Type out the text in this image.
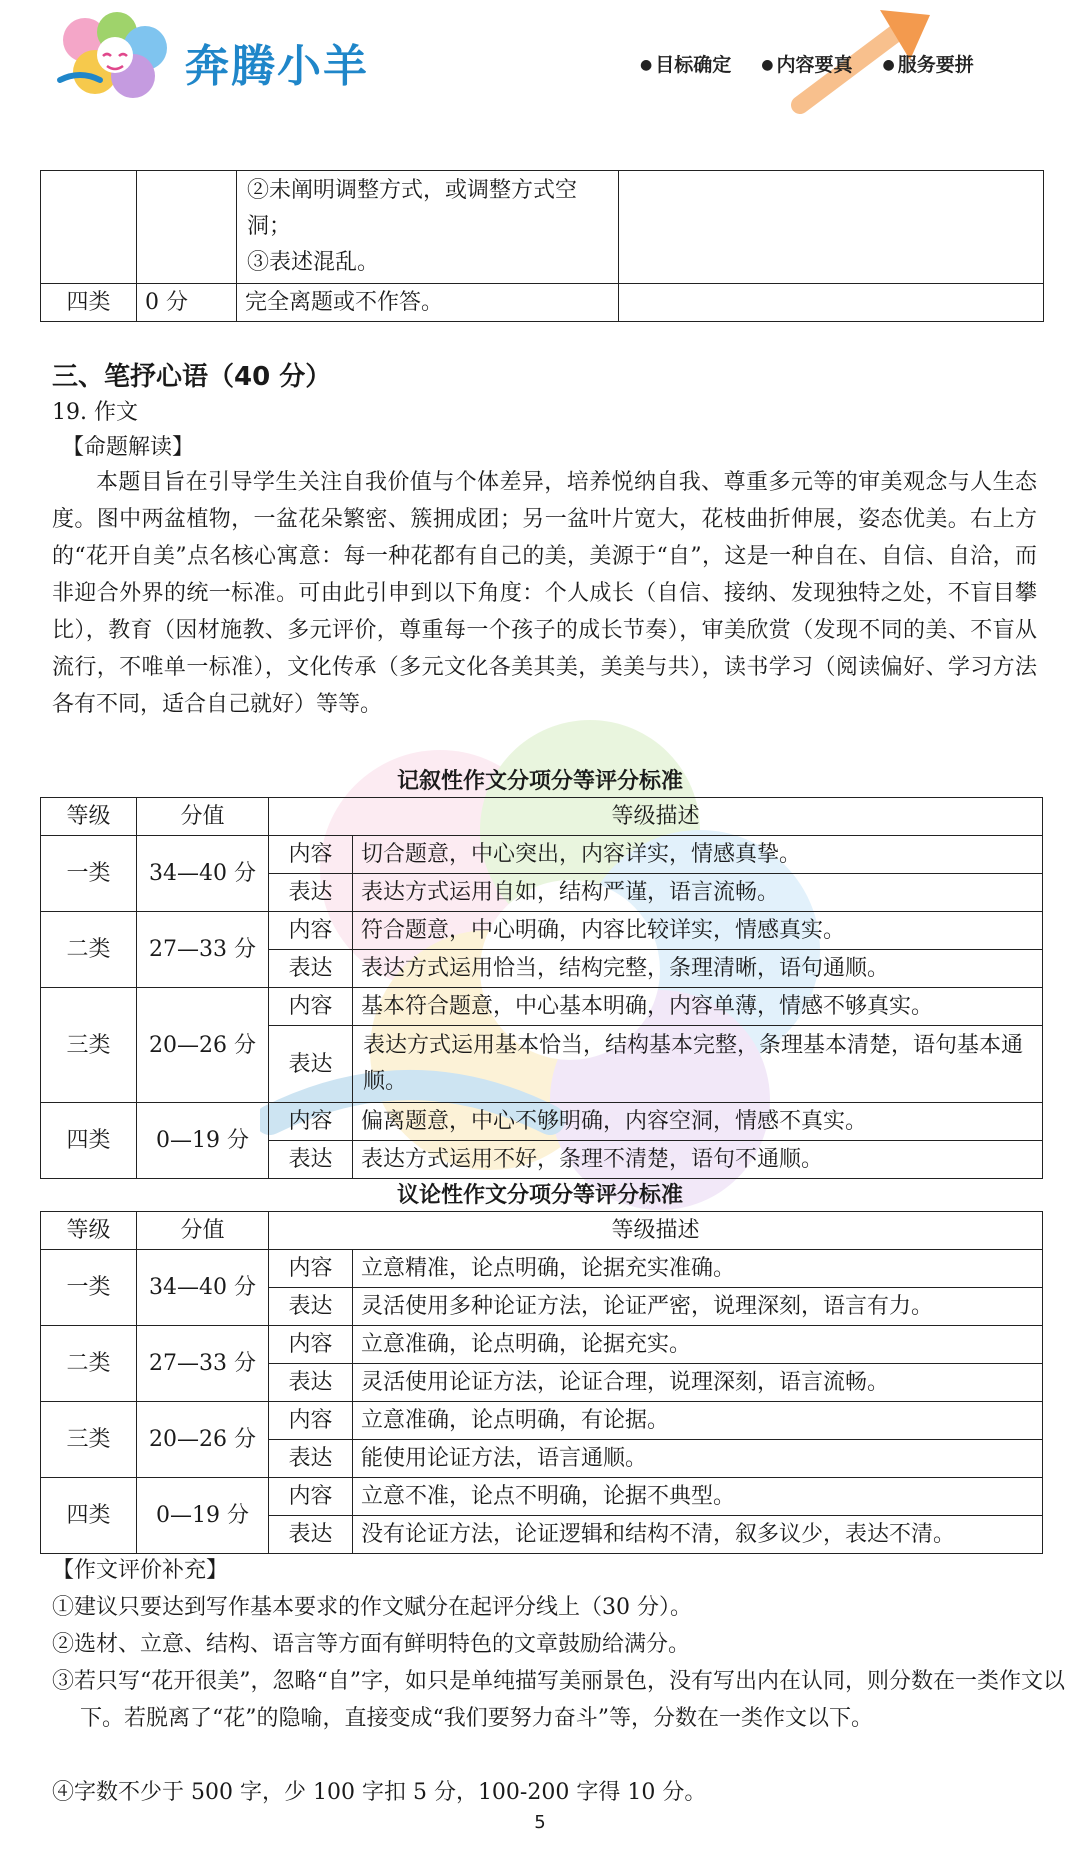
奔腾小羊	● 目标确定	● 内容要真	● 服务要拼

		②未阐明调整方式，或调整方式空洞；
③表述混乱。	

四类	0 分	完全离题或不作答。	
三、笔抒心语（40 分）
19. 作文
【命题解读】
本题目旨在引导学生关注自我价值与个体差异，培养悦纳自我、尊重多元等的审美观念与人生态度。图中两盆植物，一盆花朵繁密、簇拥成团；另一盆叶片宽大，花枝曲折伸展，姿态优美。右上方的“花开自美”点名核心寓意：每一种花都有自己的美，美源于“自”，这是一种自在、自信、自洽，而非迎合外界的统一标准。可由此引申到以下角度：个人成长（自信、接纳、发现独特之处，不盲目攀比），教育（因材施教、多元评价，尊重每一个孩子的成长节奏），审美欣赏（发现不同的美、不盲从流行，不唯单一标准），文化传承（多元文化各美其美，美美与共），读书学习（阅读偏好、学习方法各有不同，适合自己就好）等等。
记叙性作文分项分等评分标准
等级	分值	等级描述	
一类	34—40 分	内容	切合题意，中心突出，内容详实，情感真挚。
		表达	表达方式运用自如，结构严谨，语言流畅。
二类	27—33 分	内容	符合题意，中心明确，内容比较详实，情感真实。
		表达	表达方式运用恰当，结构完整，条理清晰，语句通顺。
三类	20—26 分	内容	基本符合题意，中心基本明确，内容单薄，情感不够真实。
		表达	表达方式运用基本恰当，结构基本完整，条理基本清楚，语句基本通顺。
四类	0—19 分	内容	偏离题意，中心不够明确，内容空洞，情感不真实。
		表达	表达方式运用不好，条理不清楚，语句不通顺。
议论性作文分项分等评分标准
等级	分值	等级描述	
一类	34—40 分	内容	立意精准，论点明确，论据充实准确。
		表达	灵活使用多种论证方法，论证严密，说理深刻，语言有力。
二类	27—33 分	内容	立意准确，论点明确，论据充实。
		表达	灵活使用论证方法，论证合理，说理深刻，语言流畅。
三类	20—26 分	内容	立意准确，论点明确，有论据。
		表达	能使用论证方法，语言通顺。
四类	0—19 分	内容	立意不准，论点不明确，论据不典型。
		表达	没有论证方法，论证逻辑和结构不清，叙多议少，表达不清。
【作文评价补充】
①建议只要达到写作基本要求的作文赋分在起评分线上（30 分）。
②选材、立意、结构、语言等方面有鲜明特色的文章鼓励给满分。
③若只写“花开很美”，忽略“自”字，如只是单纯描写美丽景色，没有写出内在认同，则分数在一类作文以下。若脱离了“花”的隐喻，直接变成“我们要努力奋斗”等，分数在一类作文以下。
④字数不少于 500 字，少 100 字扣 5 分，100-200 字得 10 分。
5
